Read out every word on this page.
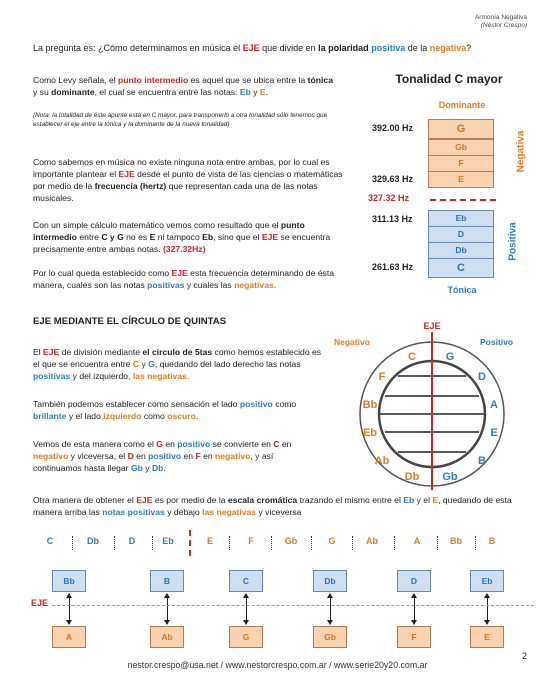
Armonía Negativa
(Néstor Crespo)
La pregunta es: ¿Cómo determinamos en música el EJE que divide en la polaridad positiva de la negativa?
Como Levy señala, el punto intermedio es aquel que se ubica entre la tónica y su dominante, el cual se encuentra entre las notas: Eb y E.
(Nota: la totalidad de éste apunte está en C mayor, para transponerlo a otra tonalidad sólo tenemos que establecer el eje entre la tónica y la dominante de la nueva tonalidad)
Como sabemos en música no existe ninguna nota entre ambas, por lo cual es importante plantear el EJE desde el punto de vista de las ciencias o matemáticas por medio de la frecuencia (hertz) que representan cada una de las notas musicales.
Con un simple cálculo matemático vemos como resultado que el punto intermedio entre C y G no es E ni tampoco Eb, sino que el EJE se encuentra precisamente entre ambas notas. (327.32Hz)
Por lo cual queda establecido como EJE esta frecuencia determinando de ésta manera, cuales son las notas positivas y cuales las negativas.
Tonalidad C mayor
Dominante
G
Gb
F
E
392.00 Hz
329.63 Hz
Negativa
327.32 Hz
Eb
D
Db
C
311.13 Hz
261.63 Hz
Positiva
Tónica
EJE MEDIANTE EL CÍRCULO DE QUINTAS
El EJE de división mediante el circulo de 5tas como hemos establecido es el que se encuentra entre C y G, quedando del lado derecho las notas positivas y del izquierdo, las negativas.
También podemos establecer como sensación el lado positivo como brillante y el lado izquierdo como oscuro.
Vemos de esta manera como el G en positivo se convierte en C en negativo y viceversa, el D en positivo en F en negativo, y así continuamos hasta llegar Gb y Db.
EJE
Negativo	Positivo
C
F
Bb
Eb
Ab
Db
G
D
A
E
B
Gb
Otra manera de obtener el EJE es por medio de la escala cromática trazando el mismo entre el Eb y el E, quedando de esta manera arriba las notas positivas y debajo las negativas y viceversa
C	Db	D	Eb	E	F	Gb	G	Ab	A	Bb	B
Bb
A
B
Ab
C
G
Db
Gb
D
F
Eb
E
EJE
nestor.crespo@usa.net / www.nestorcrespo.com.ar / www.serie20y20.com.ar
2
